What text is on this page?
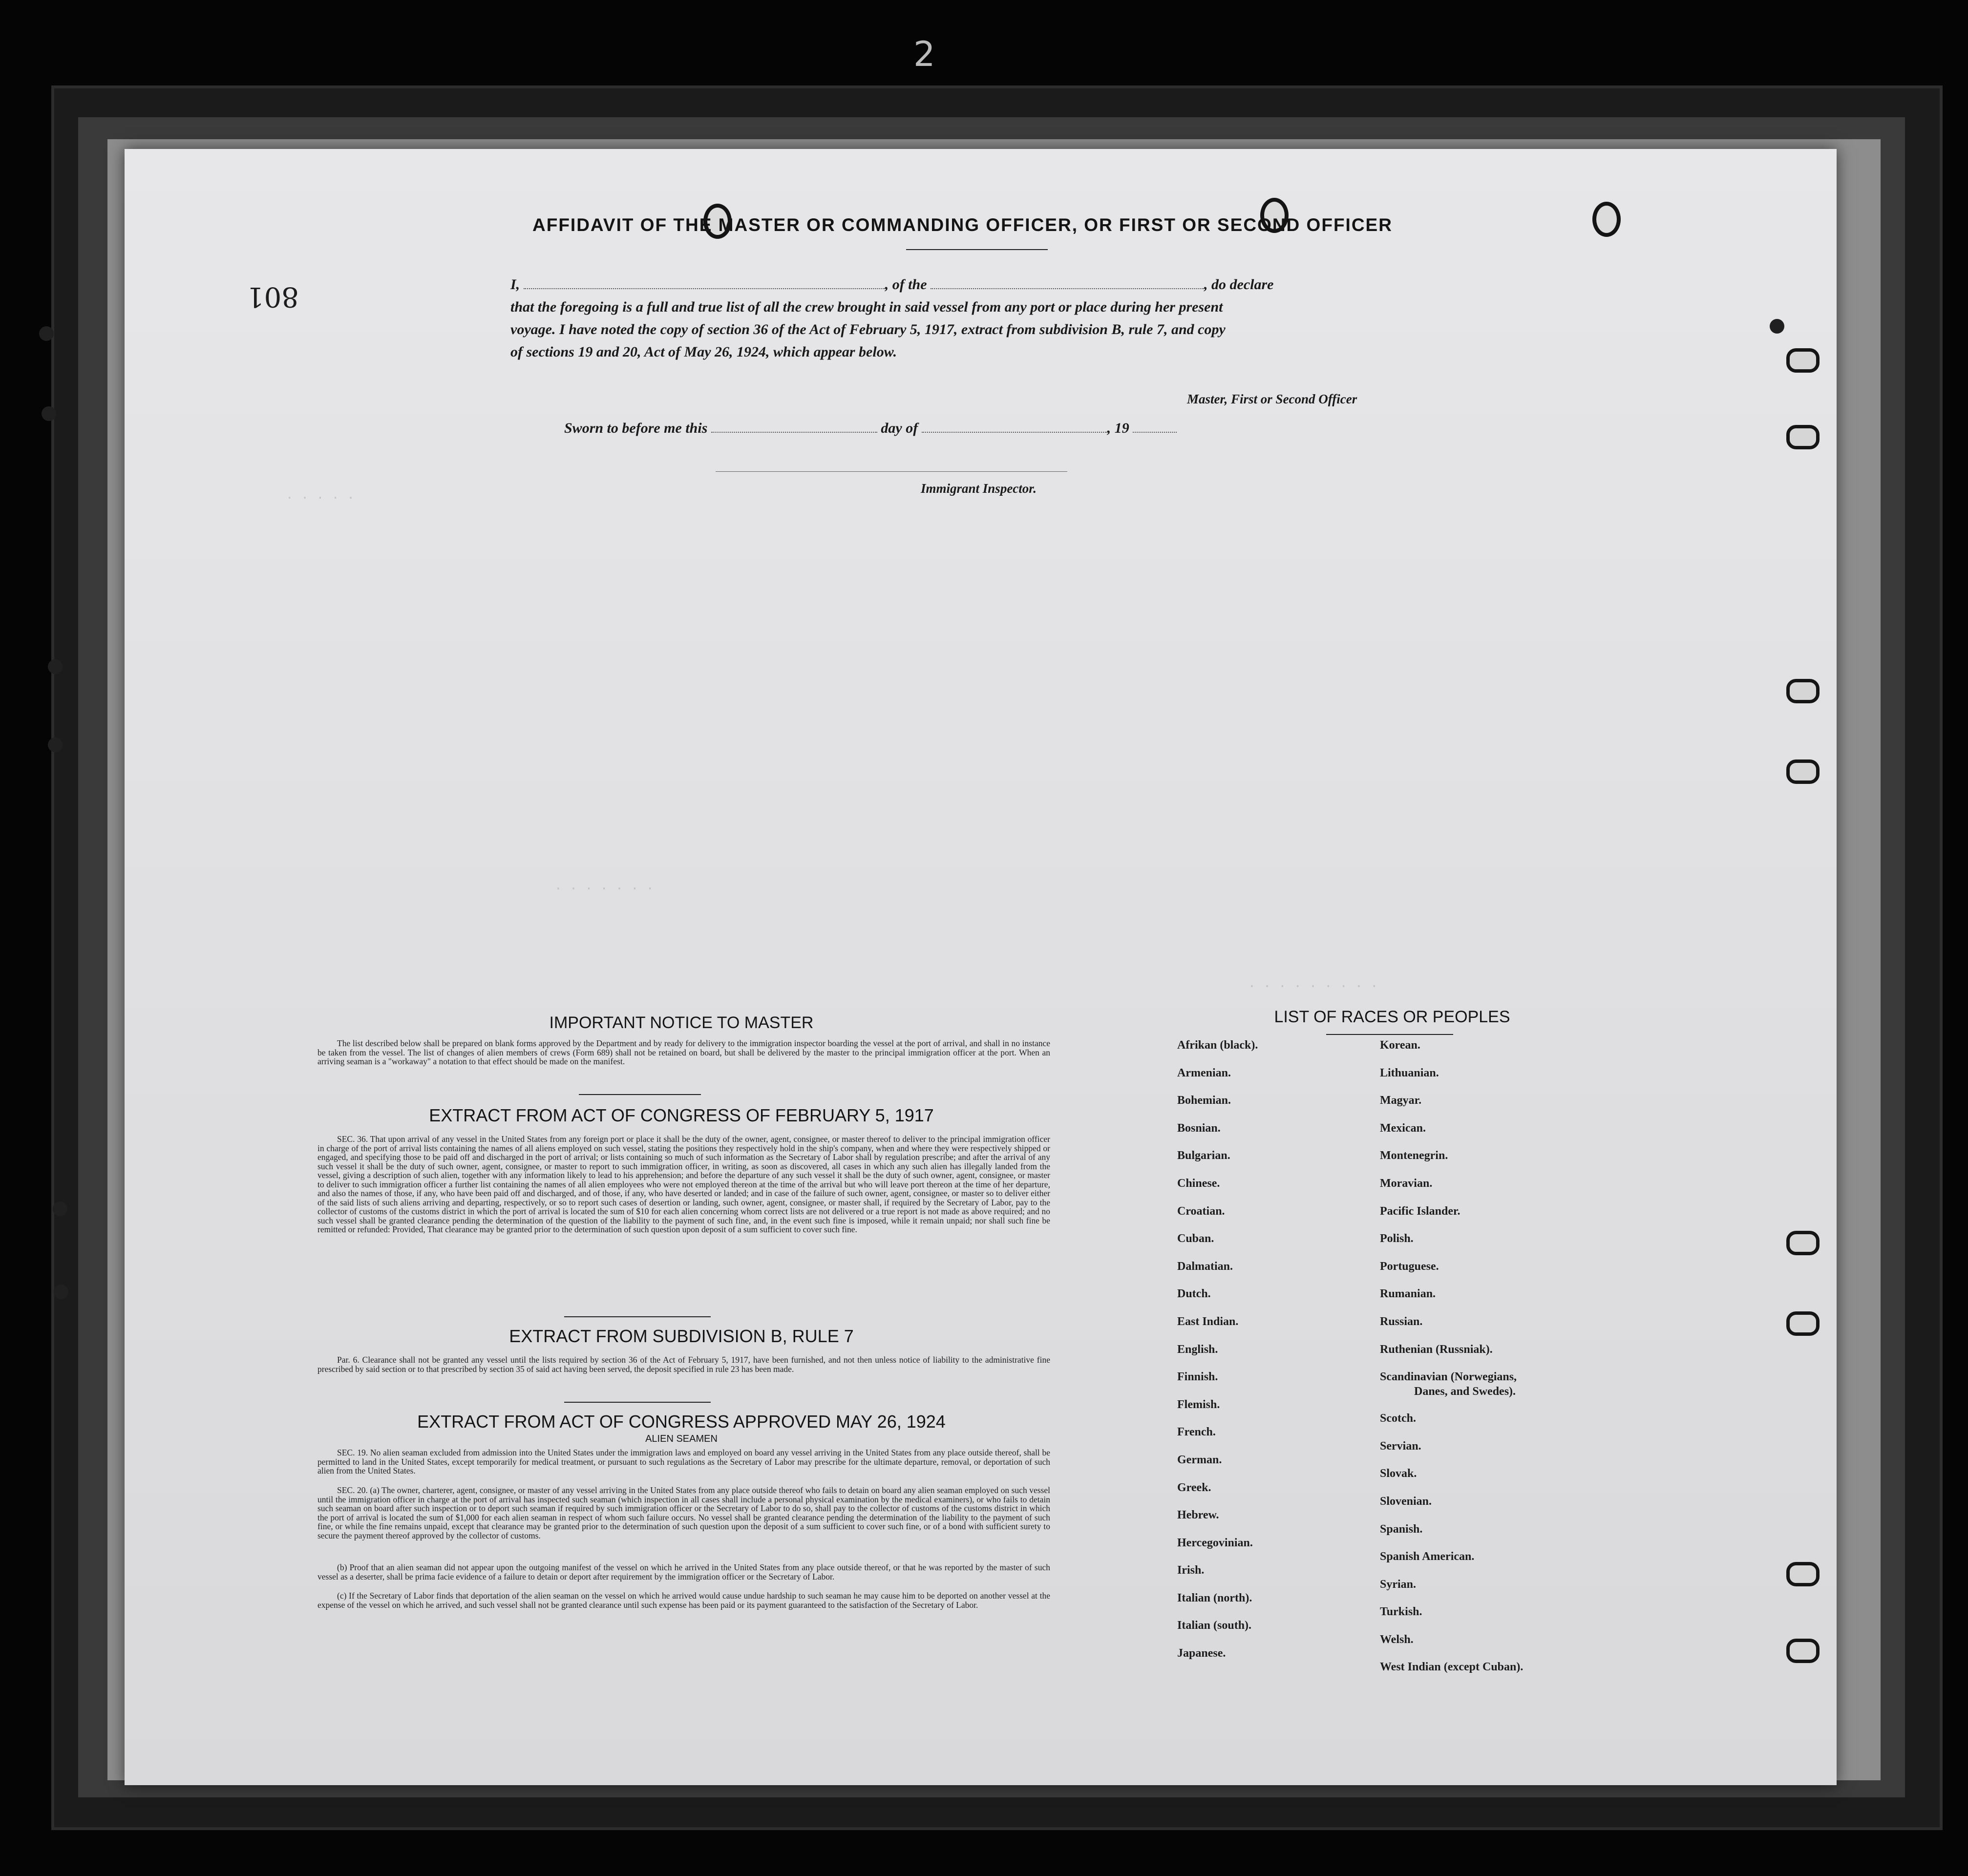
2
· · · · ·
· · · · · · ·
· · · · · · · · ·
801
AFFIDAVIT OF THE MASTER OR COMMANDING OFFICER, OR FIRST OR SECOND OFFICER
I,	, of the	, do declare
that the foregoing is a full and true list of all the crew brought in said vessel from any port or place during her present
voyage. I have noted the copy of section 36 of the Act of February 5, 1917, extract from subdivision B, rule 7, and copy
of sections 19 and 20, Act of May 26, 1924, which appear below.
Master, First or Second Officer
Sworn to before me this	day of	, 19
Immigrant Inspector.
IMPORTANT NOTICE TO MASTER
The list described below shall be prepared on blank forms approved by the Department and by ready for delivery to the immigration inspector boarding the vessel at the port of arrival, and shall in no instance be taken from the vessel. The list of changes of alien members of crews (Form 689) shall not be retained on board, but shall be delivered by the master to the principal immigration officer at the port. When an arriving seaman is a "workaway" a notation to that effect should be made on the manifest.
EXTRACT FROM ACT OF CONGRESS OF FEBRUARY 5, 1917
SEC. 36. That upon arrival of any vessel in the United States from any foreign port or place it shall be the duty of the owner, agent, consignee, or master thereof to deliver to the principal immigration officer in charge of the port of arrival lists containing the names of all aliens employed on such vessel, stating the positions they respectively hold in the ship's company, when and where they were respectively shipped or engaged, and specifying those to be paid off and discharged in the port of arrival; or lists containing so much of such information as the Secretary of Labor shall by regulation prescribe; and after the arrival of any such vessel it shall be the duty of such owner, agent, consignee, or master to report to such immigration officer, in writing, as soon as discovered, all cases in which any such alien has illegally landed from the vessel, giving a description of such alien, together with any information likely to lead to his apprehension; and before the departure of any such vessel it shall be the duty of such owner, agent, consignee, or master to deliver to such immigration officer a further list containing the names of all alien employees who were not employed thereon at the time of the arrival but who will leave port thereon at the time of her departure, and also the names of those, if any, who have been paid off and discharged, and of those, if any, who have deserted or landed; and in case of the failure of such owner, agent, consignee, or master so to deliver either of the said lists of such aliens arriving and departing, respectively, or so to report such cases of desertion or landing, such owner, agent, consignee, or master shall, if required by the Secretary of Labor, pay to the collector of customs of the customs district in which the port of arrival is located the sum of $10 for each alien concerning whom correct lists are not delivered or a true report is not made as above required; and no such vessel shall be granted clearance pending the determination of the question of the liability to the payment of such fine, and, in the event such fine is imposed, while it remain unpaid; nor shall such fine be remitted or refunded: Provided, That clearance may be granted prior to the determination of such question upon deposit of a sum sufficient to cover such fine.
EXTRACT FROM SUBDIVISION B, RULE 7
Par. 6. Clearance shall not be granted any vessel until the lists required by section 36 of the Act of February 5, 1917, have been furnished, and not then unless notice of liability to the administrative fine prescribed by said section or to that prescribed by section 35 of said act having been served, the deposit specified in rule 23 has been made.
EXTRACT FROM ACT OF CONGRESS APPROVED MAY 26, 1924
ALIEN SEAMEN
SEC. 19. No alien seaman excluded from admission into the United States under the immigration laws and employed on board any vessel arriving in the United States from any place outside thereof, shall be permitted to land in the United States, except temporarily for medical treatment, or pursuant to such regulations as the Secretary of Labor may prescribe for the ultimate departure, removal, or deportation of such alien from the United States.
SEC. 20. (a) The owner, charterer, agent, consignee, or master of any vessel arriving in the United States from any place outside thereof who fails to detain on board any alien seaman employed on such vessel until the immigration officer in charge at the port of arrival has inspected such seaman (which inspection in all cases shall include a personal physical examination by the medical examiners), or who fails to detain such seaman on board after such inspection or to deport such seaman if required by such immigration officer or the Secretary of Labor to do so, shall pay to the collector of customs of the customs district in which the port of arrival is located the sum of $1,000 for each alien seaman in respect of whom such failure occurs. No vessel shall be granted clearance pending the determination of the liability to the payment of such fine, or while the fine remains unpaid, except that clearance may be granted prior to the determination of such question upon the deposit of a sum sufficient to cover such fine, or of a bond with sufficient surety to secure the payment thereof approved by the collector of customs.
(b) Proof that an alien seaman did not appear upon the outgoing manifest of the vessel on which he arrived in the United States from any place outside thereof, or that he was reported by the master of such vessel as a deserter, shall be prima facie evidence of a failure to detain or deport after requirement by the immigration officer or the Secretary of Labor.
(c) If the Secretary of Labor finds that deportation of the alien seaman on the vessel on which he arrived would cause undue hardship to such seaman he may cause him to be deported on another vessel at the expense of the vessel on which he arrived, and such vessel shall not be granted clearance until such expense has been paid or its payment guaranteed to the satisfaction of the Secretary of Labor.
LIST OF RACES OR PEOPLES
Afrikan (black).
Armenian.
Bohemian.
Bosnian.
Bulgarian.
Chinese.
Croatian.
Cuban.
Dalmatian.
Dutch.
East Indian.
English.
Finnish.
Flemish.
French.
German.
Greek.
Hebrew.
Hercegovinian.
Irish.
Italian (north).
Italian (south).
Japanese.
Korean.
Lithuanian.
Magyar.
Mexican.
Montenegrin.
Moravian.
Pacific Islander.
Polish.
Portuguese.
Rumanian.
Russian.
Ruthenian (Russniak).
Scandinavian (Norwegians,
Danes, and Swedes).
Scotch.
Servian.
Slovak.
Slovenian.
Spanish.
Spanish American.
Syrian.
Turkish.
Welsh.
West Indian (except Cuban).
